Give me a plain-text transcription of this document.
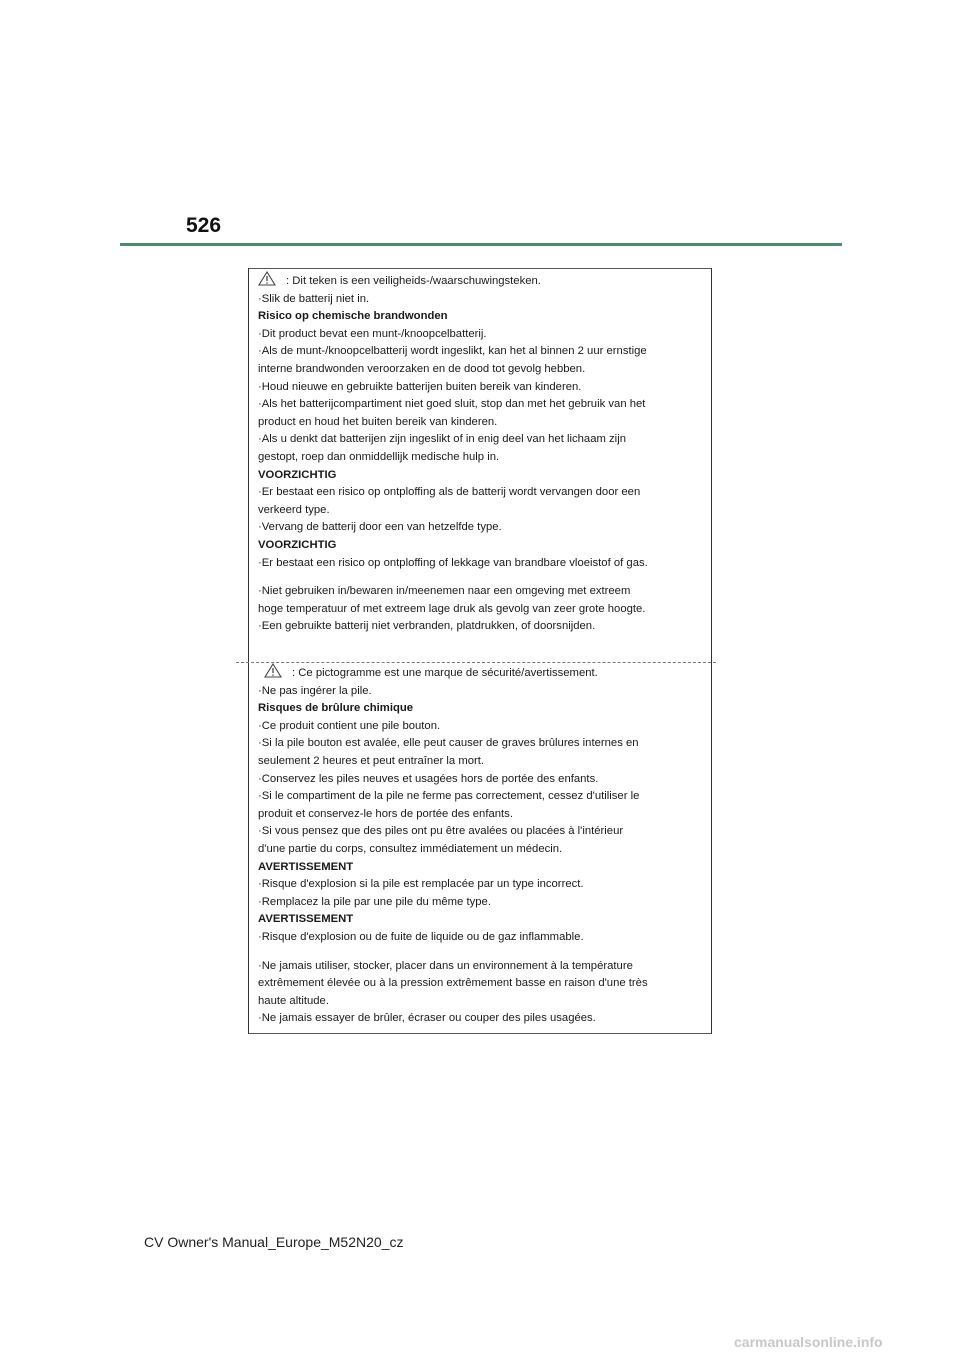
526
: Dit teken is een veiligheids-/waarschuwingsteken.
·Slik de batterij niet in.
Risico op chemische brandwonden
·Dit product bevat een munt-/knoopcelbatterij.
·Als de munt-/knoopcelbatterij wordt ingeslikt, kan het al binnen 2 uur ernstige
interne brandwonden veroorzaken en de dood tot gevolg hebben.
·Houd nieuwe en gebruikte batterijen buiten bereik van kinderen.
·Als het batterijcompartiment niet goed sluit, stop dan met het gebruik van het
product en houd het buiten bereik van kinderen.
·Als u denkt dat batterijen zijn ingeslikt of in enig deel van het lichaam zijn
gestopt, roep dan onmiddellijk medische hulp in.
VOORZICHTIG
·Er bestaat een risico op ontploffing als de batterij wordt vervangen door een
verkeerd type.
·Vervang de batterij door een van hetzelfde type.
VOORZICHTIG
·Er bestaat een risico op ontploffing of lekkage van brandbare vloeistof of gas.
·Niet gebruiken in/bewaren in/meenemen naar een omgeving met extreem
hoge temperatuur of met extreem lage druk als gevolg van zeer grote hoogte.
·Een gebruikte batterij niet verbranden, platdrukken, of doorsnijden.
: Ce pictogramme est une marque de sécurité/avertissement.
·Ne pas ingérer la pile.
Risques de brûlure chimique
·Ce produit contient une pile bouton.
·Si la pile bouton est avalée, elle peut causer de graves brûlures internes en
seulement 2 heures et peut entraîner la mort.
·Conservez les piles neuves et usagées hors de portée des enfants.
·Si le compartiment de la pile ne ferme pas correctement, cessez d'utiliser le
produit et conservez-le hors de portée des enfants.
·Si vous pensez que des piles ont pu être avalées ou placées à l'intérieur
d'une partie du corps, consultez immédiatement un médecin.
AVERTISSEMENT
·Risque d'explosion si la pile est remplacée par un type incorrect.
·Remplacez la pile par une pile du même type.
AVERTISSEMENT
·Risque d'explosion ou de fuite de liquide ou de gaz inflammable.
·Ne jamais utiliser, stocker, placer dans un environnement à la température
extrêmement élevée ou à la pression extrêmement basse en raison d'une très
haute altitude.
·Ne jamais essayer de brûler, écraser ou couper des piles usagées.
CV Owner's Manual_Europe_M52N20_cz
carmanualsonline.info
